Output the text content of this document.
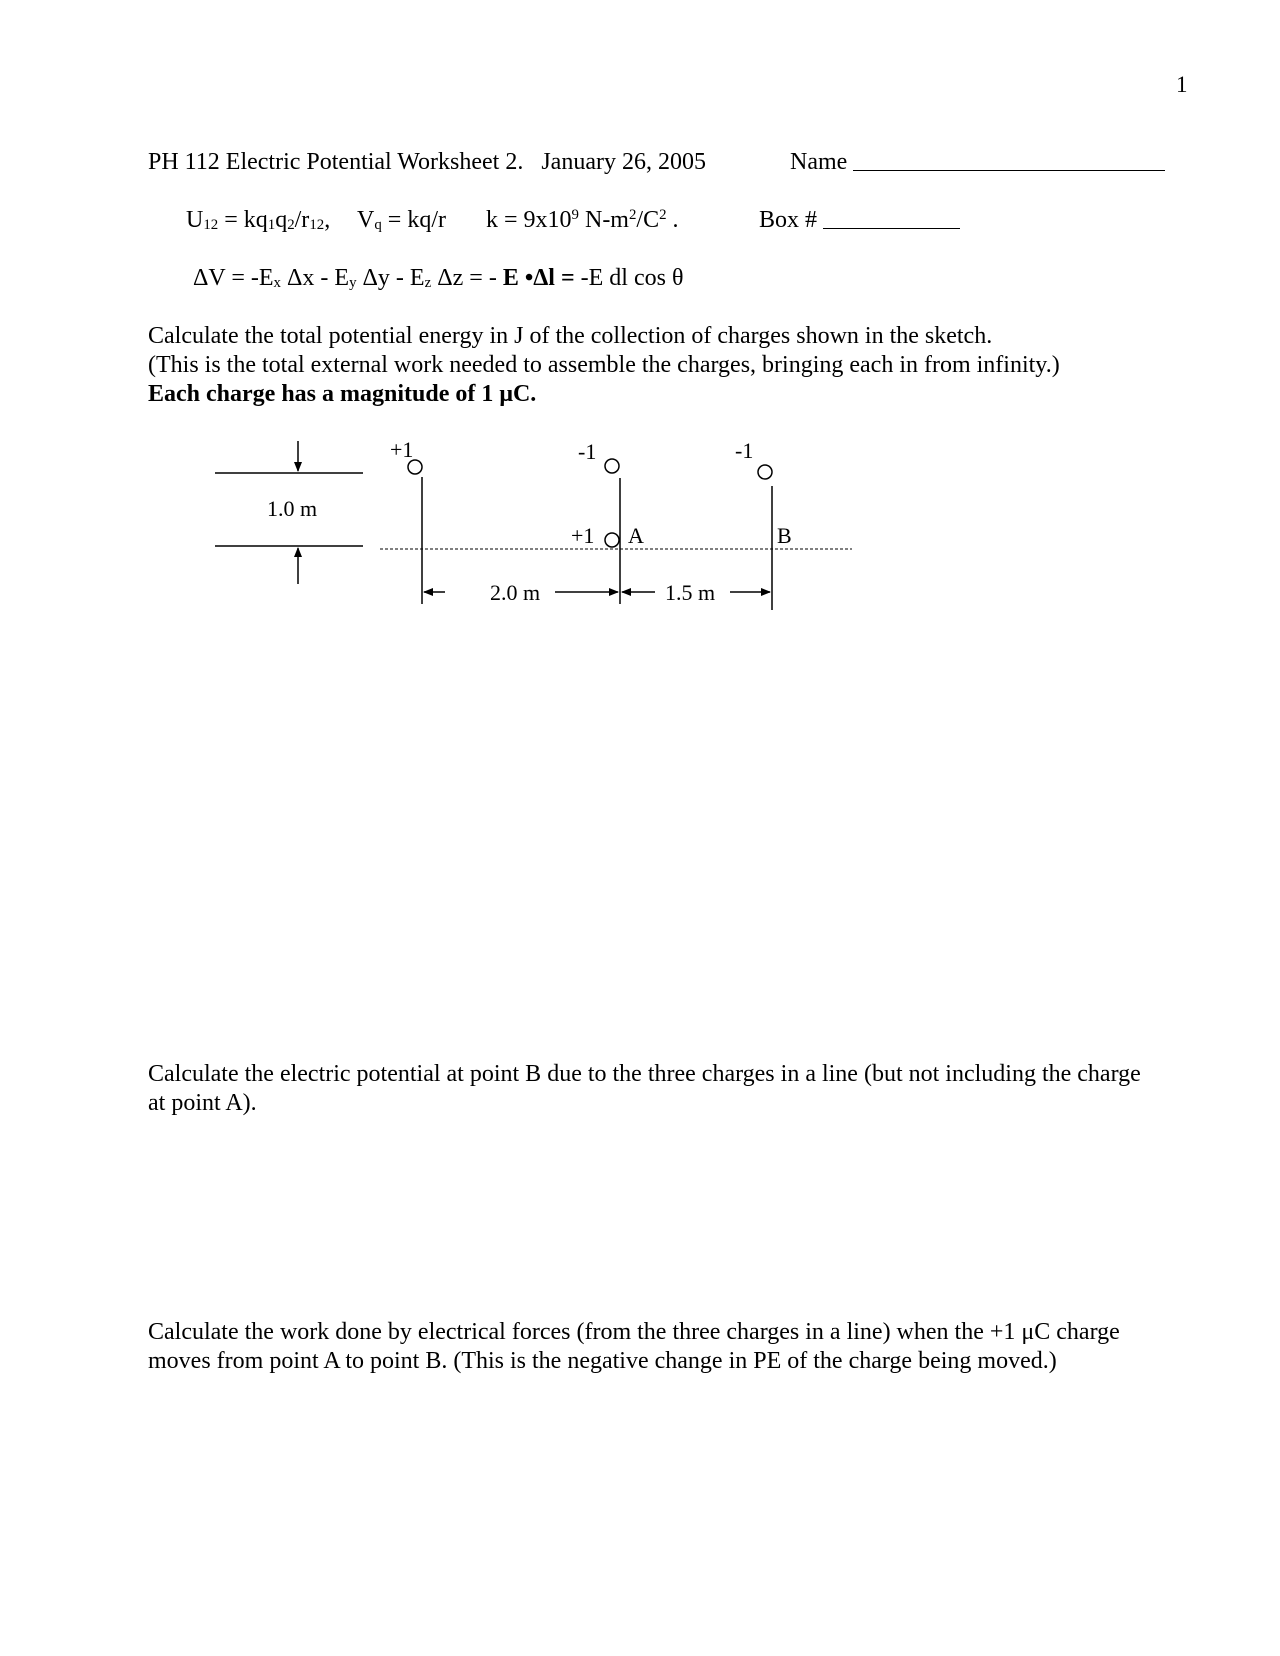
1
PH 112 Electric Potential Worksheet 2.   January 26, 2005	Name
$U_{12} = kq_1q_2/r_{12}$, $V_q = kq/r$ $k = 9x10^9$ $N-m^2/C^2$ .	Box #
$\Delta V = -E_x$ Δx - $E_y$ Δy - $E_z$ Δz = - E •Δl = -E dl cos θ
Calculate the total potential energy in J of the collection of charges shown in the sketch.
(This is the total external work needed to assemble the charges, bringing each in from infinity.)
Each charge has a magnitude of 1 μC.
1.0 m
+1	-1	-1
+1 A	B
2.0 m	1.5 m
Calculate the electric potential at point B due to the three charges in a line (but not including the charge
at point A).
Calculate the work done by electrical forces (from the three charges in a line) when the +1 μC charge
moves from point A to point B. (This is the negative change in PE of the charge being moved.)
